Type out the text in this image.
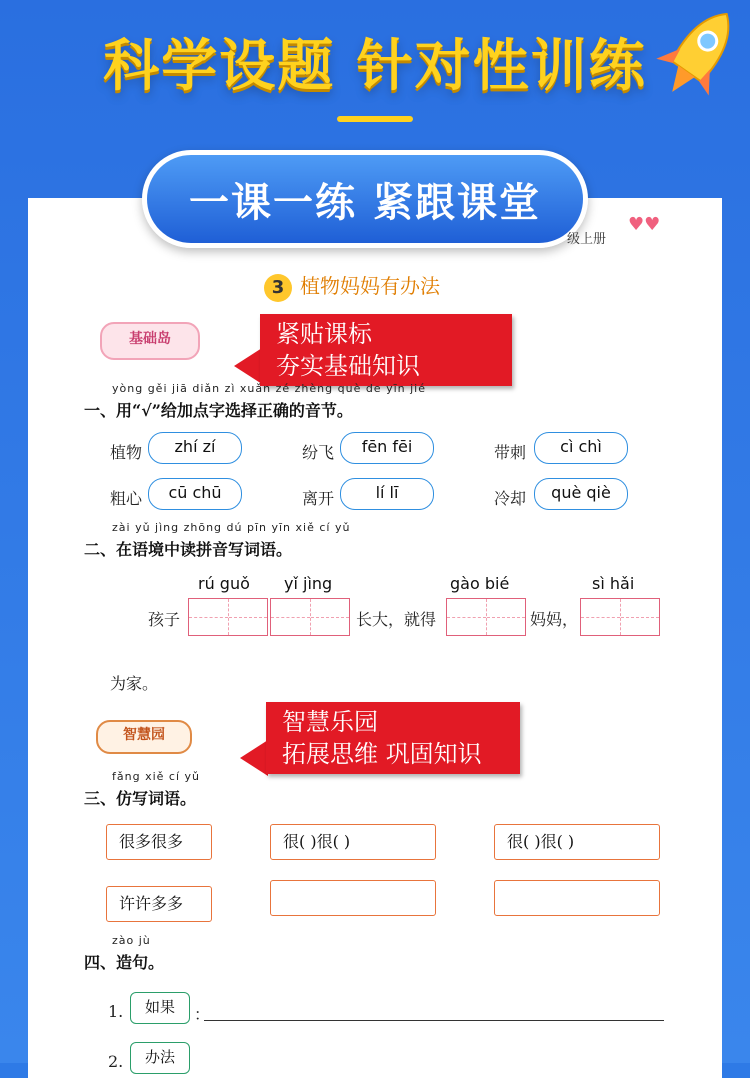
科学设题 针对性训练
一课一练 紧跟课堂
级上册
♥♥
3 植物妈妈有办法
基础岛	紧贴课标
夯实基础知识
yòng gěi jiā diǎn zì xuǎn zé zhèng què de yīn jié
一、用“√”给加点字选择正确的音节。
植物	zhí zí	纷飞	fēn fēi	带刺	cì chì
粗心	cū chū	离开	lí lī	冷却	què qiè
zài yǔ jìng zhōng dú pīn yīn xiě cí yǔ
二、在语境中读拼音写词语。
rú guǒ yǐ jìng	gào bié	sì hǎi
孩子	长大，就得	妈妈，
为家。
智慧园	智慧乐园
拓展思维 巩固知识
fǎng xiě cí yǔ
三、仿写词语。
很多很多	很( )很( )	很( )很( )
许许多多
zào jù
四、造句。
1.	如果	：
2.	办法
